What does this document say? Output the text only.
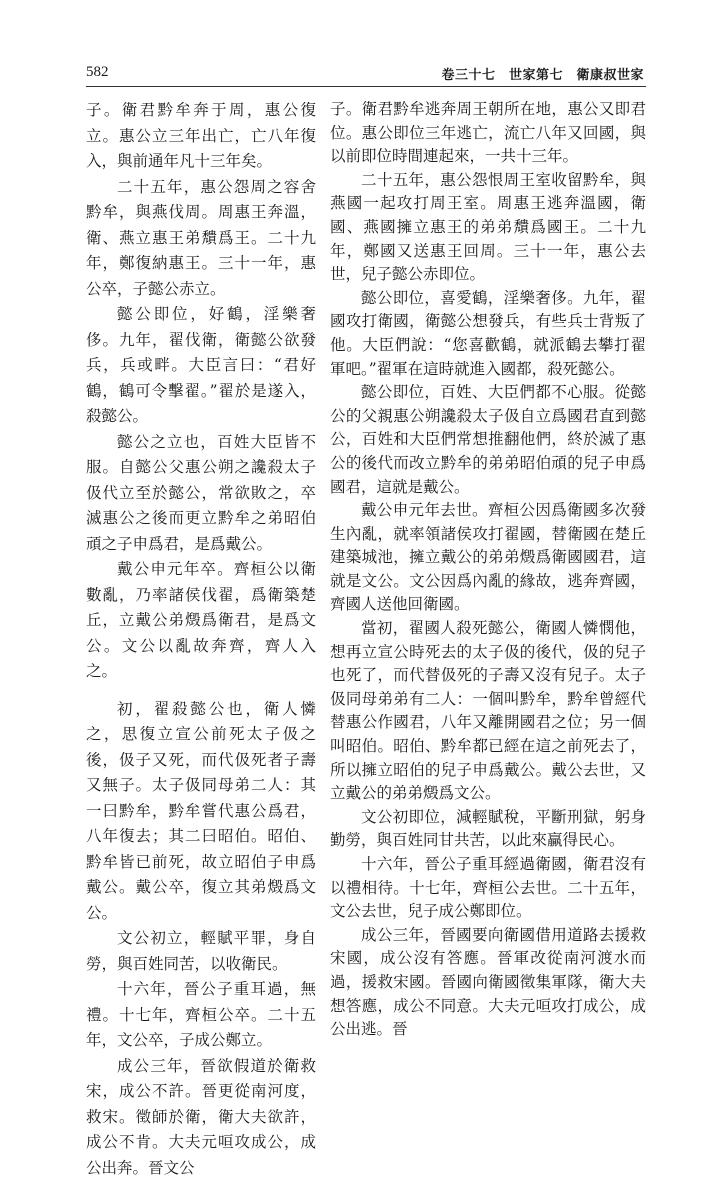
582	卷三十七　世家第七　衛康叔世家

子。衛君黔牟奔于周，惠公復立。惠公立三年出亡，亡八年復入，與前通年凡十三年矣。

二十五年，惠公怨周之容舍黔牟，與燕伐周。周惠王奔溫，衛、燕立惠王弟穨爲王。二十九年，鄭復納惠王。三十一年，惠公卒，子懿公赤立。

懿公即位，好鶴，淫樂奢侈。九年，翟伐衛，衛懿公欲發兵，兵或畔。大臣言曰：“君好鶴，鶴可令擊翟。”翟於是遂入，殺懿公。

懿公之立也，百姓大臣皆不服。自懿公父惠公朔之讒殺太子伋代立至於懿公，常欲敗之，卒滅惠公之後而更立黔牟之弟昭伯頑之子申爲君，是爲戴公。

戴公申元年卒。齊桓公以衛數亂，乃率諸侯伐翟，爲衛築楚丘，立戴公弟燬爲衛君，是爲文公。文公以亂故奔齊，齊人入之。

初，翟殺懿公也，衛人憐之，思復立宣公前死太子伋之後，伋子又死，而代伋死者子壽又無子。太子伋同母弟二人：其一曰黔牟，黔牟嘗代惠公爲君，八年復去；其二曰昭伯。昭伯、黔牟皆已前死，故立昭伯子申爲戴公。戴公卒，復立其弟燬爲文公。

文公初立，輕賦平罪，身自勞，與百姓同苦，以收衛民。

十六年，晉公子重耳過，無禮。十七年，齊桓公卒。二十五年，文公卒，子成公鄭立。

成公三年，晉欲假道於衛救宋，成公不許。晉更從南河度，救宋。徵師於衛，衛大夫欲許，成公不肯。大夫元咺攻成公，成公出奔。晉文公

子。衛君黔牟逃奔周王朝所在地，惠公又即君位。惠公即位三年逃亡，流亡八年又回國，與以前即位時間連起來，一共十三年。

二十五年，惠公怨恨周王室收留黔牟，與燕國一起攻打周王室。周惠王逃奔溫國，衛國、燕國擁立惠王的弟弟穨爲國王。二十九年，鄭國又送惠王回周。三十一年，惠公去世，兒子懿公赤即位。

懿公即位，喜愛鶴，淫樂奢侈。九年，翟國攻打衛國，衛懿公想發兵，有些兵士背叛了他。大臣們說：“您喜歡鶴，就派鶴去攀打翟軍吧。”翟軍在這時就進入國都，殺死懿公。

懿公即位，百姓、大臣們都不心服。從懿公的父親惠公朔讒殺太子伋自立爲國君直到懿公，百姓和大臣們常想推翻他們，終於滅了惠公的後代而改立黔牟的弟弟昭伯頑的兒子申爲國君，這就是戴公。

戴公申元年去世。齊桓公因爲衛國多次發生內亂，就率領諸侯攻打翟國，替衛國在楚丘建築城池，擁立戴公的弟弟燬爲衛國國君，這就是文公。文公因爲內亂的緣故，逃奔齊國，齊國人送他回衛國。

當初，翟國人殺死懿公，衛國人憐憫他，想再立宣公時死去的太子伋的後代，伋的兒子也死了，而代替伋死的子壽又沒有兒子。太子伋同母弟弟有二人：一個叫黔牟，黔牟曾經代替惠公作國君，八年又離開國君之位；另一個叫昭伯。昭伯、黔牟都已經在這之前死去了，所以擁立昭伯的兒子申爲戴公。戴公去世，又立戴公的弟弟燬爲文公。

文公初即位，減輕賦稅，平斷刑獄，躬身勤勞，與百姓同甘共苦，以此來贏得民心。

十六年，晉公子重耳經過衛國，衛君沒有以禮相待。十七年，齊桓公去世。二十五年，文公去世，兒子成公鄭即位。

成公三年，晉國要向衛國借用道路去援救宋國，成公沒有答應。晉軍改從南河渡水而過，援救宋國。晉國向衛國徵集軍隊，衛大夫想答應，成公不同意。大夫元咺攻打成公，成公出逃。晉
